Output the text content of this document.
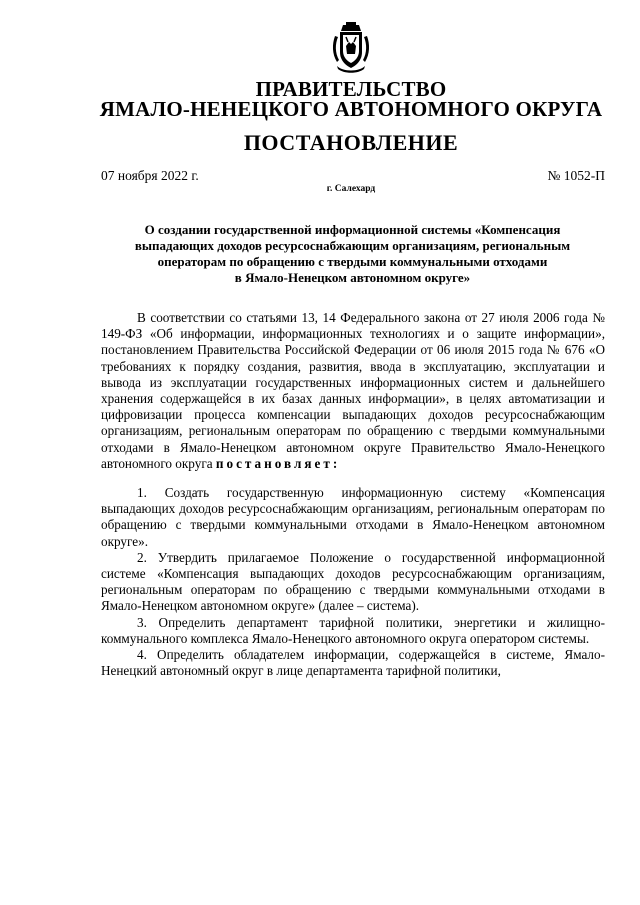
ПРАВИТЕЛЬСТВО
ЯМАЛО-НЕНЕЦКОГО АВТОНОМНОГО ОКРУГА
ПОСТАНОВЛЕНИЕ
07 ноября 2022 г.	№ 1052-П
г. Салехард
О создании государственной информационной системы «Компенсация
выпадающих доходов ресурсоснабжающим организациям, региональным
операторам по обращению с твердыми коммунальными отходами
в Ямало-Ненецком автономном округе»

В соответствии со статьями 13, 14 Федерального закона от 27 июля 2006 года № 149-ФЗ «Об информации, информационных технологиях и о защите информации», постановлением Правительства Российской Федерации от 06 июля 2015 года № 676 «О требованиях к порядку создания, развития, ввода в эксплуатацию, эксплуатации и вывода из эксплуатации государственных информационных систем и дальнейшего хранения содержащейся в их базах данных информации», в целях автоматизации и цифровизации процесса компенсации выпадающих доходов ресурсоснабжающим организациям, региональным операторам по обращению с твердыми коммунальными отходами в Ямало-Ненецком автономном округе Правительство Ямало-Ненецкого автономного округа постановляет:

1. Создать государственную информационную систему «Компенсация выпадающих доходов ресурсоснабжающим организациям, региональным операторам по обращению с твердыми коммунальными отходами в Ямало-Ненецком автономном округе».

2. Утвердить прилагаемое Положение о государственной информационной системе «Компенсация выпадающих доходов ресурсоснабжающим организациям, региональным операторам по обращению с твердыми коммунальными отходами в Ямало-Ненецком автономном округе» (далее – система).

3. Определить департамент тарифной политики, энергетики и жилищно-коммунального комплекса Ямало-Ненецкого автономного округа оператором системы.

4. Определить обладателем информации, содержащейся в системе, Ямало-Ненецкий автономный округ в лице департамента тарифной политики,
